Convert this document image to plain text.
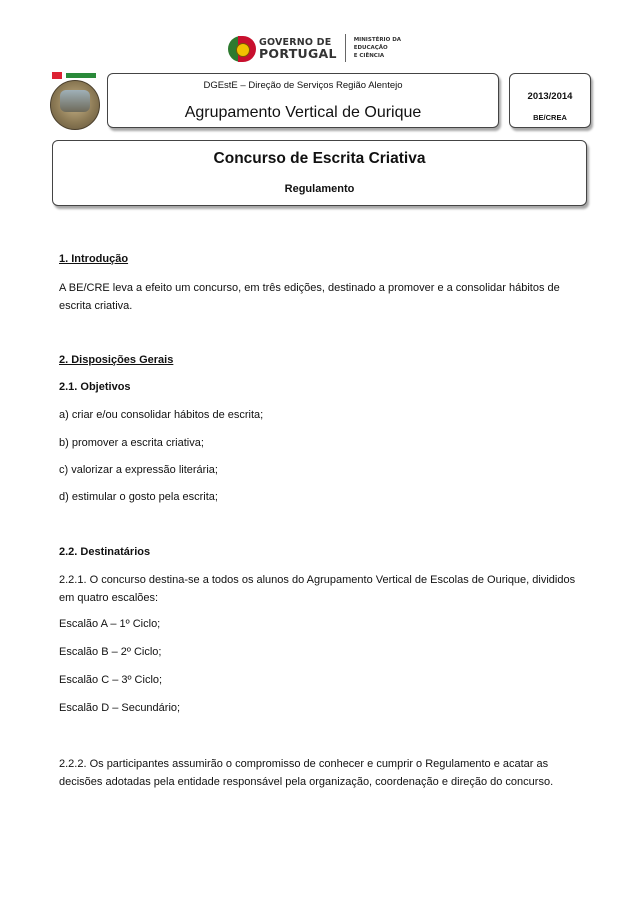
GOVERNO DE
PORTUGAL
MINISTÉRIO DA EDUCAÇÃO
E CIÊNCIA
DGEstE – Direção de Serviços Região Alentejo
Agrupamento Vertical de Ourique
2013/2014
BE/CREA
Concurso de Escrita Criativa
Regulamento
1. Introdução
A BE/CRE leva a efeito um concurso, em três edições, destinado a promover e a consolidar hábitos de escrita criativa.
2. Disposições Gerais
2.1. Objetivos
a) criar e/ou consolidar hábitos de escrita;
b) promover a escrita criativa;
c) valorizar a expressão literária;
d) estimular o gosto pela escrita;
2.2. Destinatários
2.2.1. O concurso destina-se a todos os alunos do Agrupamento Vertical de Escolas de Ourique, divididos em quatro escalões:
Escalão A – 1º Ciclo;
Escalão B – 2º Ciclo;
Escalão C – 3º Ciclo;
Escalão D – Secundário;
2.2.2. Os participantes assumirão o compromisso de conhecer e cumprir o Regulamento e acatar as decisões adotadas pela entidade responsável pela organização, coordenação e direção do concurso.
